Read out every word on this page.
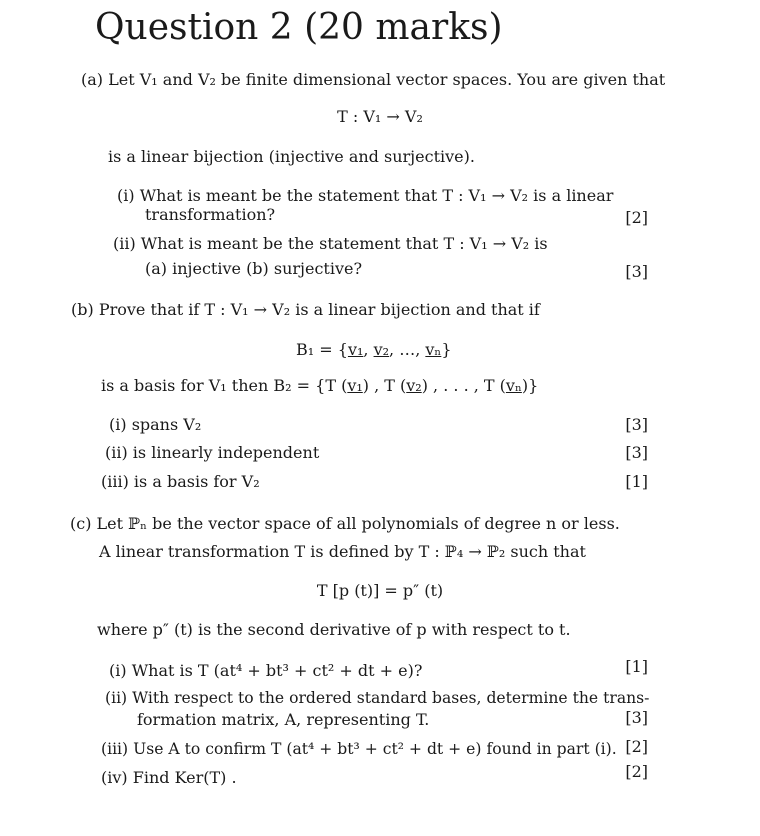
Question 2 (20 marks)
(a) Let V₁ and V₂ be finite dimensional vector spaces. You are given that
T : V₁ → V₂
is a linear bijection (injective and surjective).
(i) What is meant be the statement that T : V₁ → V₂ is a linear
transformation?	[2]
(ii) What is meant be the statement that T : V₁ → V₂ is
(a) injective (b) surjective?	[3]
(b) Prove that if T : V₁ → V₂ is a linear bijection and that if
B₁ = {v₁, v₂, …, vₙ}
is a basis for V₁ then B₂ = {T (v₁) , T (v₂) , . . . , T (vₙ)}
(i) spans V₂	[3]
(ii) is linearly independent	[3]
(iii) is a basis for V₂	[1]
(c) Let ℙₙ be the vector space of all polynomials of degree n or less.
A linear transformation T is defined by T : ℙ₄ → ℙ₂ such that
T [p (t)] = p″ (t)
where p″ (t) is the second derivative of p with respect to t.
(i) What is T (at⁴ + bt³ + ct² + dt + e)?	[1]
(ii) With respect to the ordered standard bases, determine the trans-
formation matrix, A, representing T.	[3]
(iii) Use A to confirm T (at⁴ + bt³ + ct² + dt + e) found in part (i). [2]
(iv) Find Ker(T) .	[2]
